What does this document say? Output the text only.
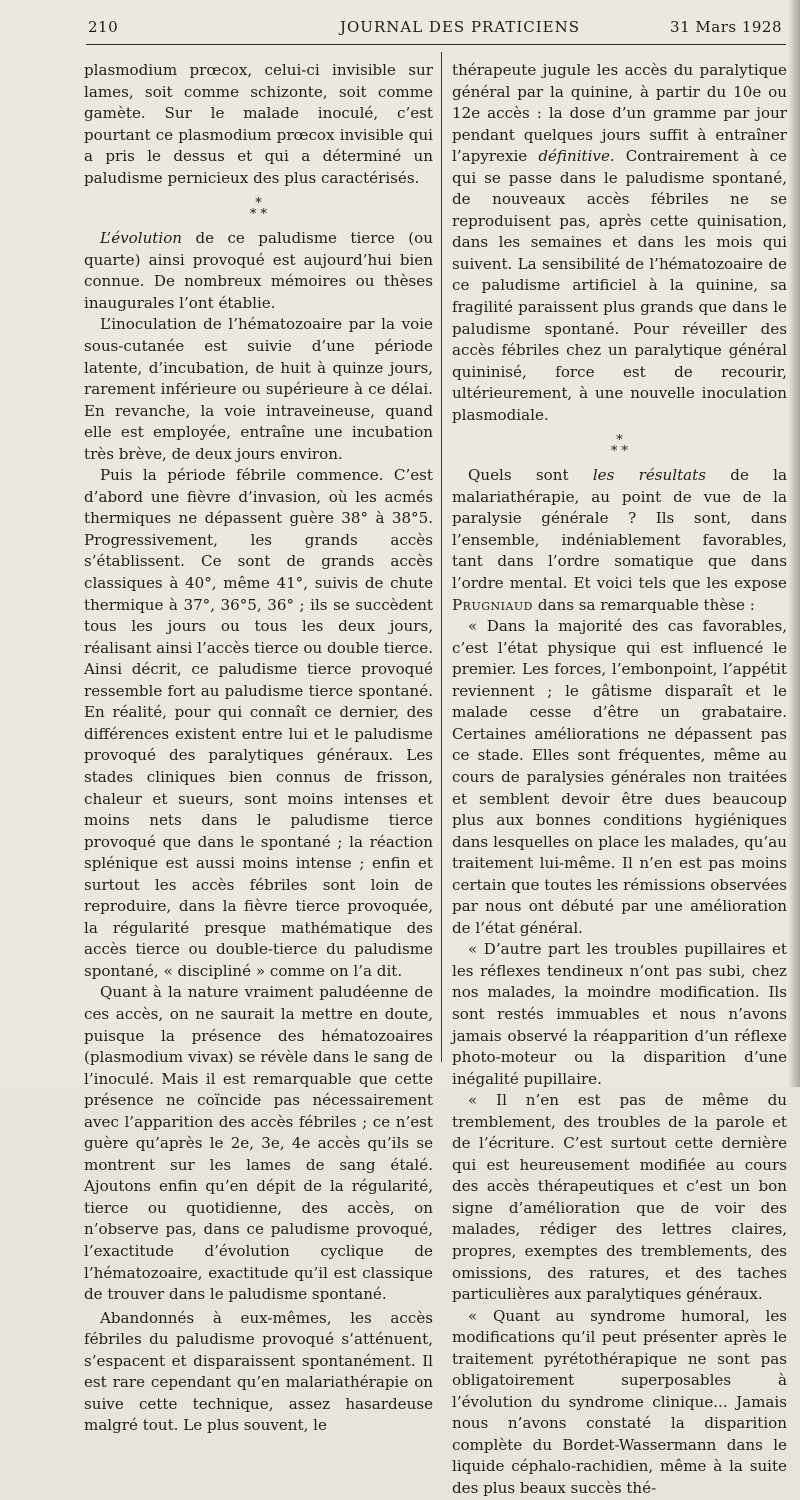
210	JOURNAL DES PRATICIENS	31 Mars 1928

plasmodium prœcox, celui-ci invisible sur lames, soit comme schizonte, soit comme gamète. Sur le malade inoculé, c’est pourtant ce plasmodium prœcox invisible qui a pris le dessus et qui a déterminé un paludisme pernicieux des plus caractérisés.

*
* *

L’évolution de ce paludisme tierce (ou quarte) ainsi provoqué est aujourd’hui bien connue. De nombreux mémoires ou thèses inaugurales l’ont établie.

L’inoculation de l’hématozoaire par la voie sous-cutanée est suivie d’une période latente, d’incubation, de huit à quinze jours, rarement inférieure ou supérieure à ce délai. En revanche, la voie intraveineuse, quand elle est employée, entraîne une incubation très brève, de deux jours environ.

Puis la période fébrile commence. C’est d’abord une fièvre d’invasion, où les acmés thermiques ne dépassent guère 38° à 38°5. Progressivement, les grands accès s’établissent. Ce sont de grands accès classiques à 40°, même 41°, suivis de chute thermique à 37°, 36°5, 36° ; ils se succèdent tous les jours ou tous les deux jours, réalisant ainsi l’accès tierce ou double tierce. Ainsi décrit, ce paludisme tierce provoqué ressemble fort au paludisme tierce spontané. En réalité, pour qui connaît ce dernier, des différences existent entre lui et le paludisme provoqué des paralytiques généraux. Les stades cliniques bien connus de frisson, chaleur et sueurs, sont moins intenses et moins nets dans le paludisme tierce provoqué que dans le spontané ; la réaction splénique est aussi moins intense ; enfin et surtout les accès fébriles sont loin de reproduire, dans la fièvre tierce provoquée, la régularité presque mathématique des accès tierce ou double-tierce du paludisme spontané, « discipliné » comme on l’a dit.

Quant à la nature vraiment paludéenne de ces accès, on ne saurait la mettre en doute, puisque la présence des hématozoaires (plasmodium vivax) se révèle dans le sang de l’inoculé. Mais il est remarquable que cette présence ne coïncide pas nécessairement avec l’apparition des accès fébriles ; ce n’est guère qu’après le 2e, 3e, 4e accès qu’ils se montrent sur les lames de sang étalé. Ajoutons enfin qu’en dépit de la régularité, tierce ou quotidienne, des accès, on n’observe pas, dans ce paludisme provoqué, l’exactitude d’évolution cyclique de l’hématozoaire, exactitude qu’il est classique de trouver dans le paludisme spontané.

Abandonnés à eux-mêmes, les accès fébriles du paludisme provoqué s’atténuent, s’espacent et disparaissent spontanément. Il est rare cependant qu’en malariathérapie on suive cette technique, assez hasardeuse malgré tout. Le plus souvent, le

thérapeute jugule les accès du paralytique général par la quinine, à partir du 10e ou 12e accès : la dose d’un gramme par jour pendant quelques jours suffit à entraîner l’apyrexie définitive. Contrairement à ce qui se passe dans le paludisme spontané, de nouveaux accès fébriles ne se reproduisent pas, après cette quinisation, dans les semaines et dans les mois qui suivent. La sensibilité de l’hématozoaire de ce paludisme artificiel à la quinine, sa fragilité paraissent plus grands que dans le paludisme spontané. Pour réveiller des accès fébriles chez un paralytique général quininisé, force est de recourir, ultérieurement, à une nouvelle inoculation plasmodiale.

*
* *

Quels sont les résultats de la malariathérapie, au point de vue de la paralysie générale ? Ils sont, dans l’ensemble, indéniablement favorables, tant dans l’ordre somatique que dans l’ordre mental. Et voici tels que les expose Prugniaud dans sa remarquable thèse :

« Dans la majorité des cas favorables, c’est l’état physique qui est influencé le premier. Les forces, l’embonpoint, l’appétit reviennent ; le gâtisme disparaît et le malade cesse d’être un grabataire. Certaines améliorations ne dépassent pas ce stade. Elles sont fréquentes, même au cours de paralysies générales non traitées et semblent devoir être dues beaucoup plus aux bonnes conditions hygiéniques dans lesquelles on place les malades, qu’au traitement lui-même. Il n’en est pas moins certain que toutes les rémissions observées par nous ont débuté par une amélioration de l’état général.

« D’autre part les troubles pupillaires et les réflexes tendineux n’ont pas subi, chez nos malades, la moindre modification. Ils sont restés immuables et nous n’avons jamais observé la réapparition d’un réflexe photo-moteur ou la disparition d’une inégalité pupillaire.

« Il n’en est pas de même du tremblement, des troubles de la parole et de l’écriture. C’est surtout cette dernière qui est heureusement modifiée au cours des accès thérapeutiques et c’est un bon signe d’amélioration que de voir des malades, rédiger des lettres claires, propres, exemptes des tremblements, des omissions, des ratures, et des taches particulières aux paralytiques généraux.

« Quant au syndrome humoral, les modifications qu’il peut présenter après le traitement pyrétothérapique ne sont pas obligatoirement superposables à l’évolution du syndrome clinique... Jamais nous n’avons constaté la disparition complète du Bordet-Wassermann dans le liquide céphalo-rachidien, même à la suite des plus beaux succès thé-
